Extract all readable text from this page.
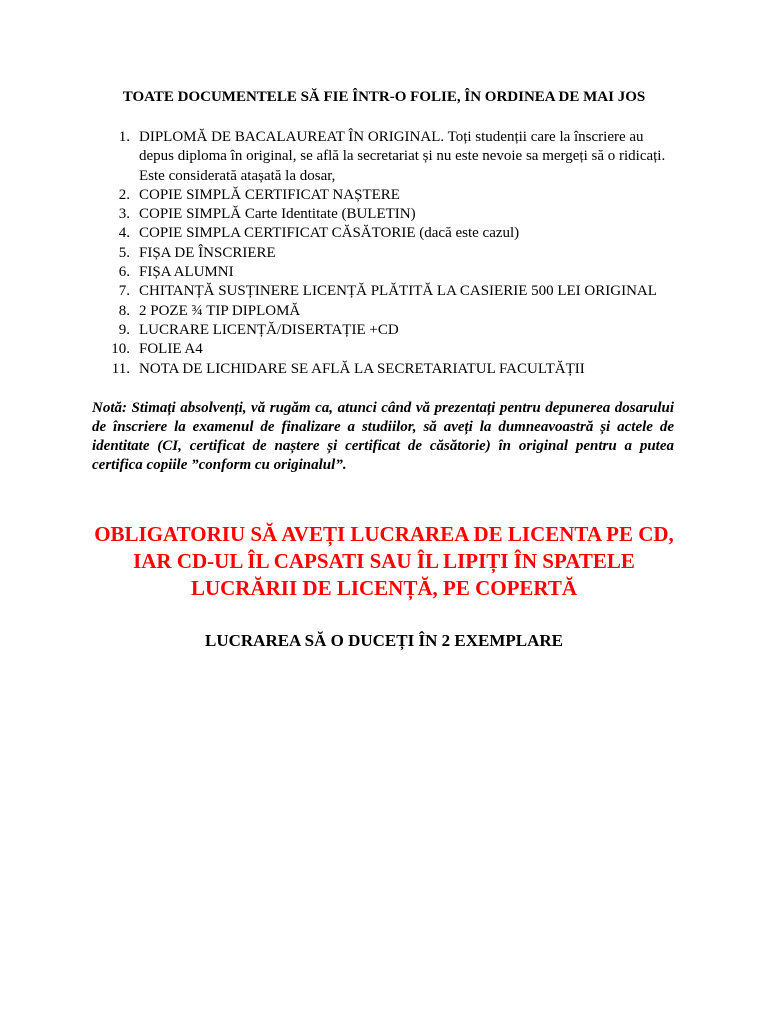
TOATE DOCUMENTELE SĂ FIE ÎNTR-O FOLIE, ÎN ORDINEA DE MAI JOS
1. DIPLOMĂ DE BACALAUREAT ÎN ORIGINAL. Toți studenții care la înscriere au depus diploma în original, se află la secretariat și nu este nevoie sa mergeți să o ridicați. Este considerată atașată la dosar,
2. COPIE SIMPLĂ CERTIFICAT NAȘTERE
3. COPIE SIMPLĂ Carte Identitate (BULETIN)
4. COPIE SIMPLA CERTIFICAT CĂSĂTORIE (dacă este cazul)
5. FIȘA DE ÎNSCRIERE
6. FIȘA ALUMNI
7. CHITANȚĂ SUSȚINERE LICENȚĂ PLĂTITĂ LA CASIERIE 500 LEI ORIGINAL
8. 2 POZE ¾ TIP DIPLOMĂ
9. LUCRARE LICENȚĂ/DISERTAȚIE +CD
10. FOLIE A4
11. NOTA DE LICHIDARE SE AFLĂ LA SECRETARIATUL FACULTĂȚII

Notă: Stimați absolvenți, vă rugăm ca, atunci când vă prezentați pentru depunerea dosarului de înscriere la examenul de finalizare a studiilor, să aveți la dumneavoastră și actele de identitate (CI, certificat de naștere și certificat de căsătorie) în original pentru a putea certifica copiile ”conform cu originalul”.

OBLIGATORIU SĂ AVEȚI LUCRAREA DE LICENTA PE CD, IAR CD-UL ÎL CAPSATI SAU ÎL LIPIȚI ÎN SPATELE LUCRĂRII DE LICENȚĂ, PE COPERTĂ
LUCRAREA SĂ O DUCEȚI ÎN 2 EXEMPLARE
